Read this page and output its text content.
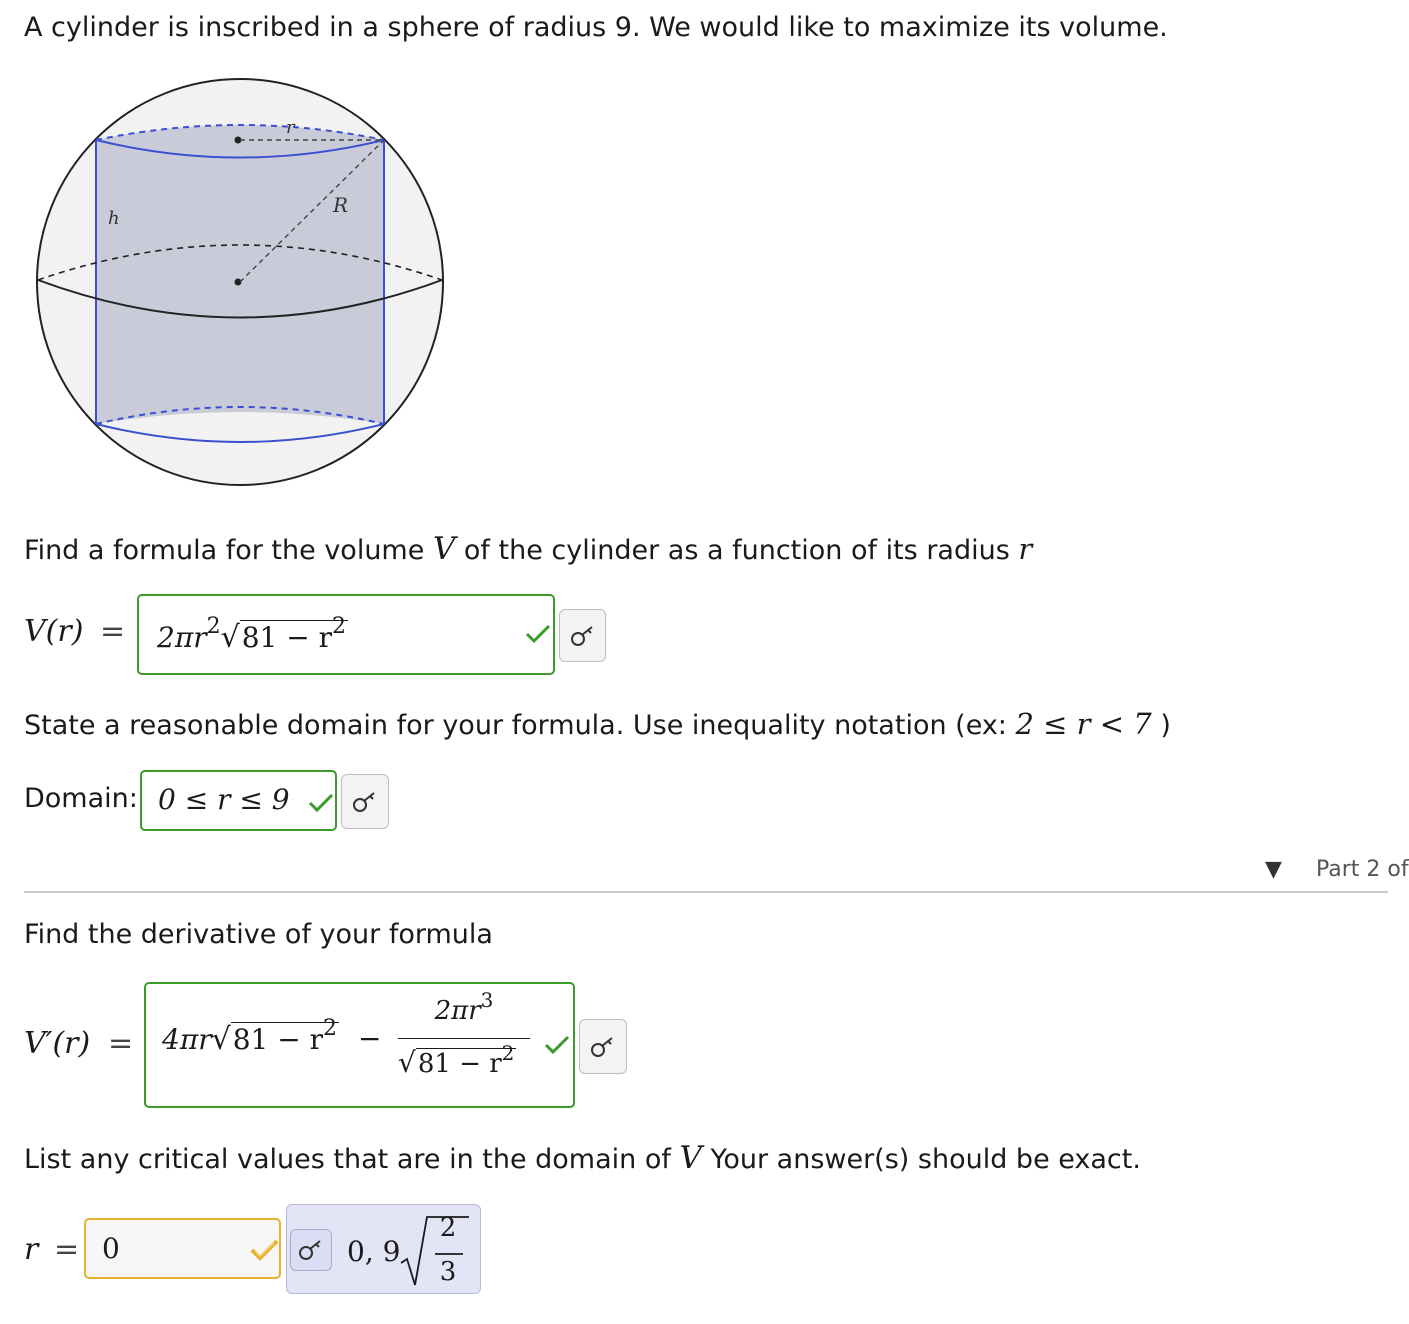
A cylinder is inscribed in a sphere of radius 9. We would like to maximize its volume.
r
R
h
Find a formula for the volume V of the cylinder as a function of its radius r
$V(r) = 2\pi r^2√81 - r^2$
State a reasonable domain for your formula. Use inequality notation (ex: 2 ≤ r < 7 )
Domain: 0 ≤ r ≤ 9
▼ Part 2 of
Find the derivative of your formula
$V'(r) = 4\pi r√81 - r^2$ −
$2\pi r^3$
$√81 - r^2$
List any critical values that are in the domain of V Your answer(s) should be exact.
r = 0	0, 9
2
3
